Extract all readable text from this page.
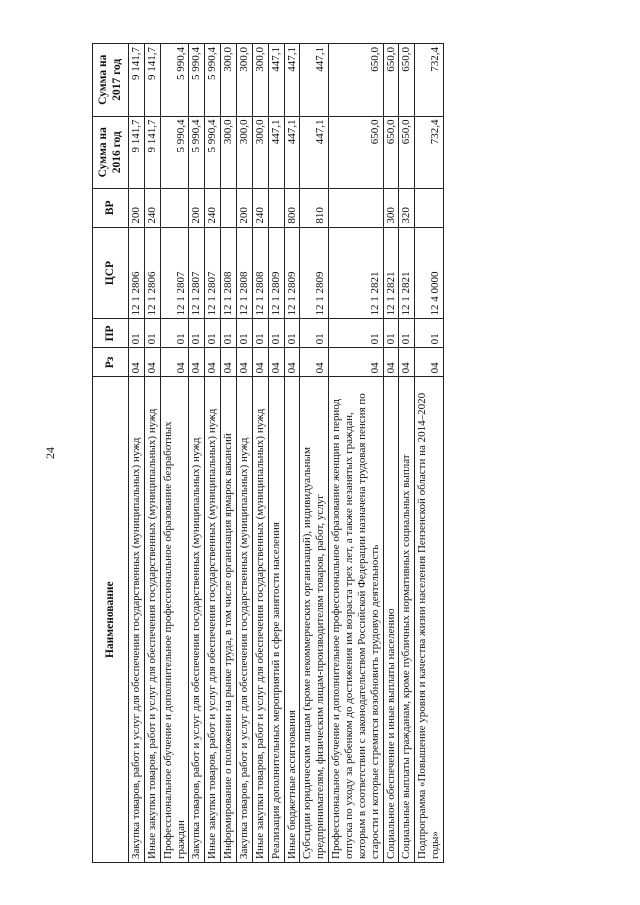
24
Наименование	Рз	ПР	ЦСР	ВР	Сумма на 2016 год	Сумма на 2017 год
Закупка товаров, работ и услуг для обеспечения государственных (муниципальных) нужд	04	01	12 1 2806	200	9 141,7	9 141,7
Иные закупки товаров, работ и услуг для обеспечения государственных (муниципальных) нужд	04	01	12 1 2806	240	9 141,7	9 141,7
Профессиональное обучение и дополнительное профессиональное образование безработных граждан	04	01	12 1 2807		5 990,4	5 990,4
Закупка товаров, работ и услуг для обеспечения государственных (муниципальных) нужд	04	01	12 1 2807	200	5 990,4	5 990,4
Иные закупки товаров, работ и услуг для обеспечения государственных (муниципальных) нужд	04	01	12 1 2807	240	5 990,4	5 990,4
Информирование о положении на рынке труда, в том числе организация ярмарок вакансий	04	01	12 1 2808		300,0	300,0
Закупка товаров, работ и услуг для обеспечения государственных (муниципальных) нужд	04	01	12 1 2808	200	300,0	300,0
Иные закупки товаров, работ и услуг для обеспечения государственных (муниципальных) нужд	04	01	12 1 2808	240	300,0	300,0
Реализация дополнительных мероприятий в сфере занятости населения	04	01	12 1 2809		447,1	447,1
Иные бюджетные ассигнования	04	01	12 1 2809	800	447,1	447,1
Субсидии юридическим лицам (кроме некоммерческих организаций), индивидуальным предпринимателям, физическим лицам-производителям товаров, работ, услуг	04	01	12 1 2809	810	447,1	447,1
Профессиональное обучение и дополнительное профессиональное образование женщин в период отпуска по уходу за ребенком до достижения им возраста трех лет, а также незанятых граждан, которым в соответствии с законодательством Российской Федерации назначена трудовая пенсия по старости и которые стремятся возобновить трудовую деятельность	04	01	12 1 2821		650,0	650,0
Социальное обеспечение и иные выплаты населению	04	01	12 1 2821	300	650,0	650,0
Социальные выплаты гражданам, кроме публичных нормативных социальных выплат	04	01	12 1 2821	320	650,0	650,0
Подпрограмма «Повышение уровня и качества жизни населения Пензенской области на 2014–2020 годы»	04	01	12 4 0000		732,4	732,4
